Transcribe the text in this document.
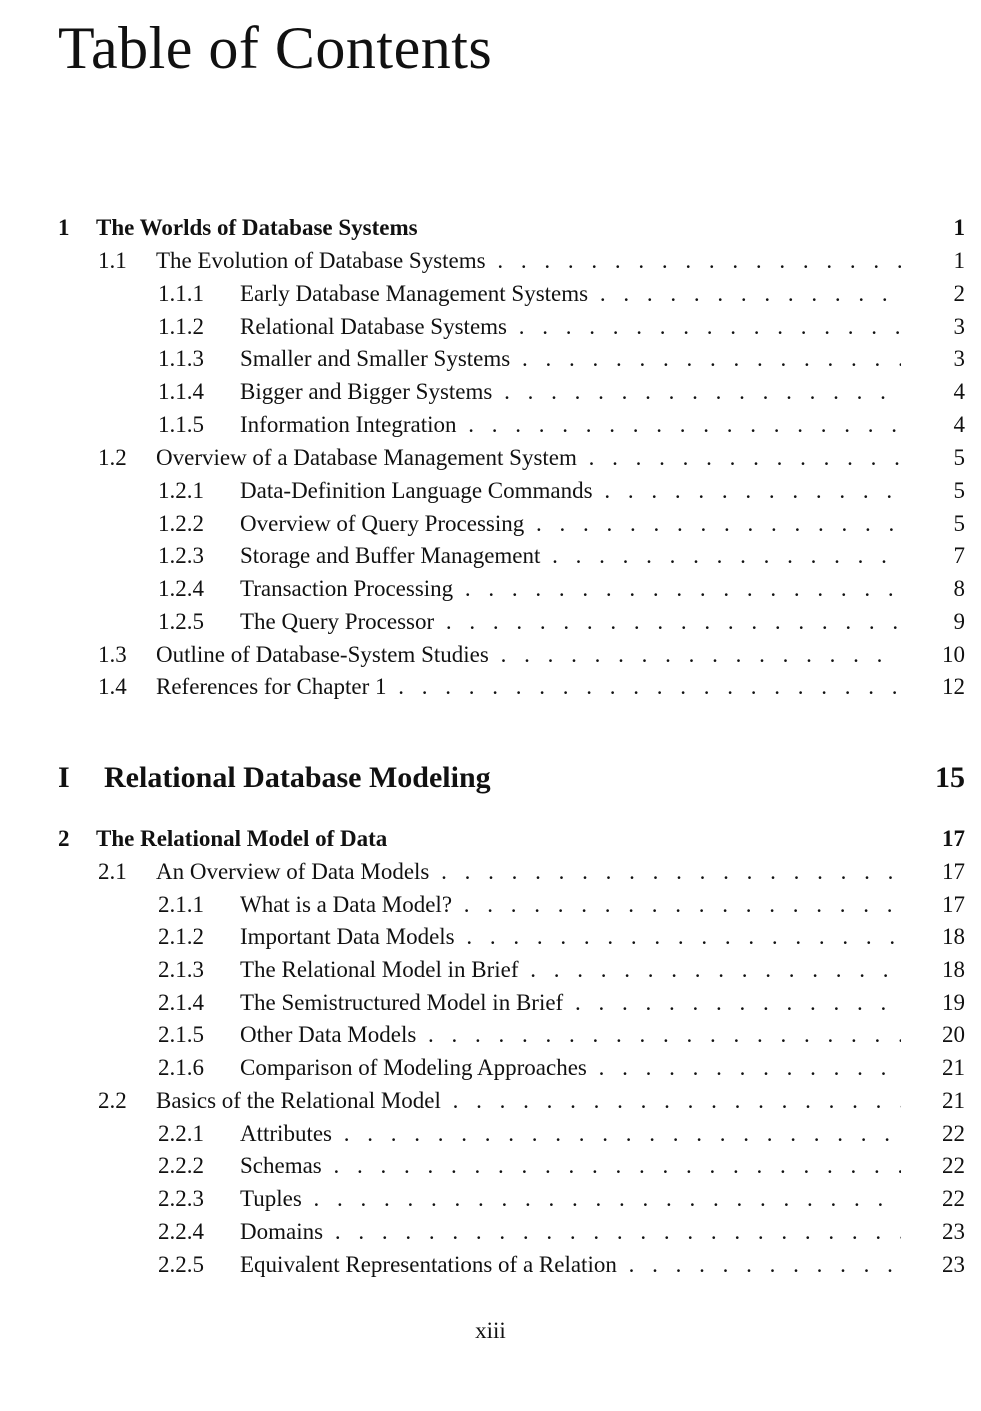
Table of Contents
1 The Worlds of Database Systems	1
1.1 The Evolution of Database Systems . . .	1
1.1.1 Early Database Management Systems . . .	2
1.1.2 Relational Database Systems . . .	3
1.1.3 Smaller and Smaller Systems . . .	3
1.1.4 Bigger and Bigger Systems . . .	4
1.1.5 Information Integration . . .	4
1.2 Overview of a Database Management System . . .	5
1.2.1 Data-Definition Language Commands . . .	5
1.2.2 Overview of Query Processing . . .	5
1.2.3 Storage and Buffer Management . . .	7
1.2.4 Transaction Processing . . .	8
1.2.5 The Query Processor . . .	9
1.3 Outline of Database-System Studies . . .	10
1.4 References for Chapter 1 . . .	12
I Relational Database Modeling	15
2 The Relational Model of Data	17
2.1 An Overview of Data Models . . .	17
2.1.1 What is a Data Model? . . .	17
2.1.2 Important Data Models . . .	18
2.1.3 The Relational Model in Brief . . .	18
2.1.4 The Semistructured Model in Brief . . .	19
2.1.5 Other Data Models . . .	20
2.1.6 Comparison of Modeling Approaches . . .	21
2.2 Basics of the Relational Model . . .	21
2.2.1 Attributes . . .	22
2.2.2 Schemas . . .	22
2.2.3 Tuples . . .	22
2.2.4 Domains . . .	23
2.2.5 Equivalent Representations of a Relation . . .	23
xiii
